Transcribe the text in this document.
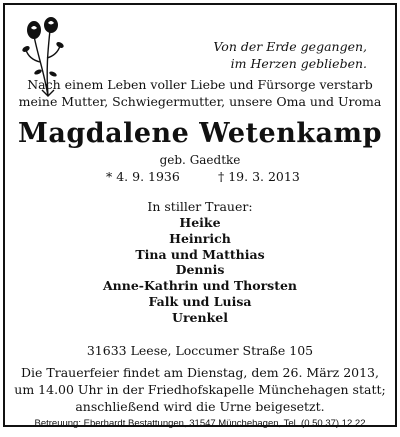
Von der Erde gegangen,
im Herzen geblieben.
Nach einem Leben voller Liebe und Fürsorge verstarb
meine Mutter, Schwiegermutter, unsere Oma und Uroma
Magdalene Wetenkamp
geb. Gaedtke
* 4. 9. 1936	† 19. 3. 2013
In stiller Trauer:
Heike
Heinrich
Tina und Matthias
Dennis
Anne-Kathrin und Thorsten
Falk und Luisa
Urenkel
31633 Leese, Loccumer Straße 105
Die Trauerfeier findet am Dienstag, dem 26. März 2013,
um 14.00 Uhr in der Friedhofskapelle Münchehagen statt;
anschließend wird die Urne beigesetzt.
Betreuung: Eberhardt Bestattungen, 31547 Münchehagen, Tel. (0 50 37) 12 22
